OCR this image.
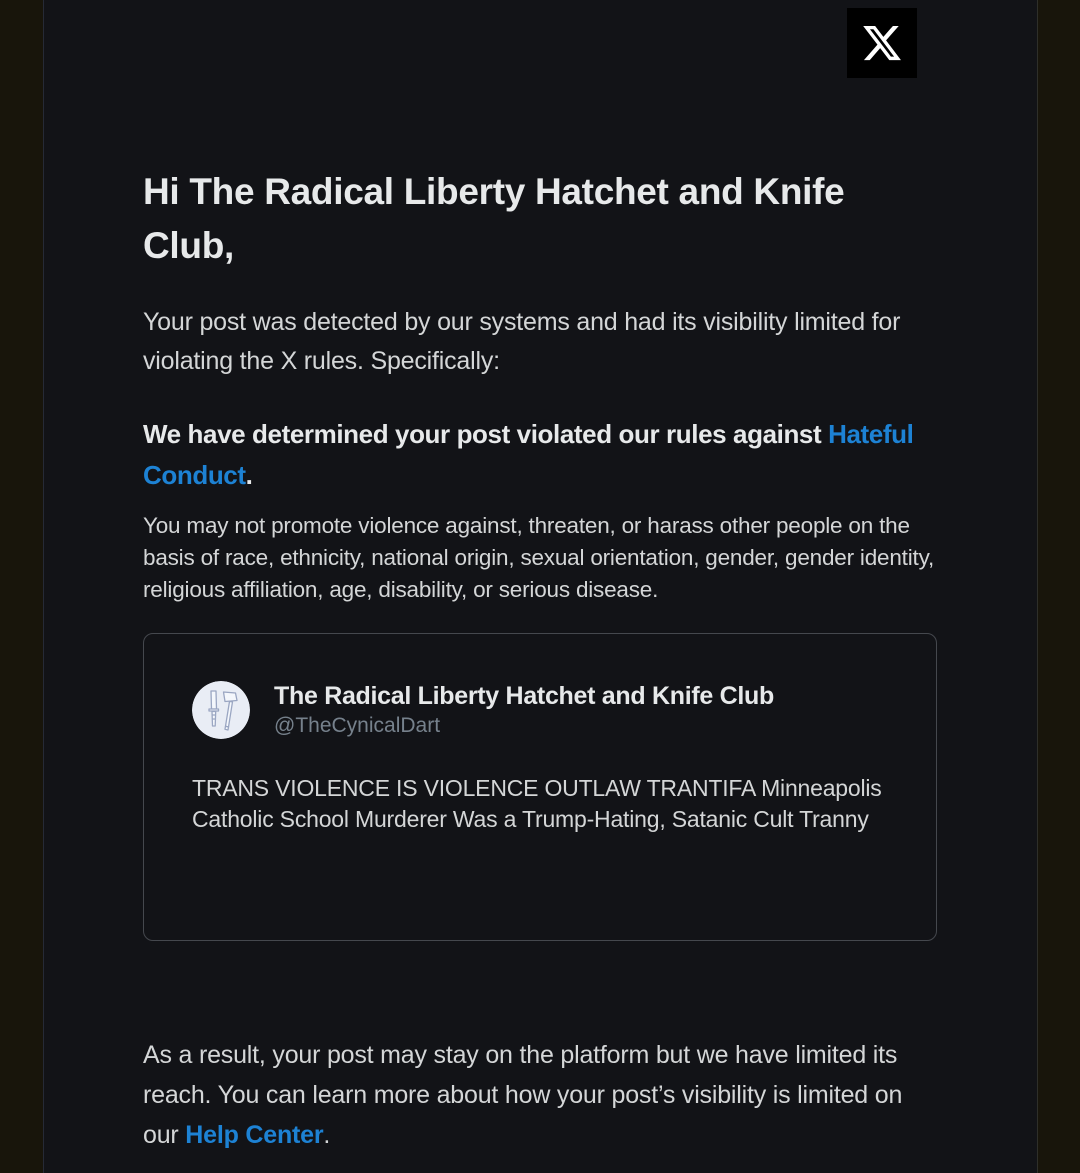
Hi The Radical Liberty Hatchet and Knife Club,

Your post was detected by our systems and had its visibility limited for violating the X rules. Specifically:

We have determined your post violated our rules against Hateful Conduct.

You may not promote violence against, threaten, or harass other people on the basis of race, ethnicity, national origin, sexual orientation, gender, gender identity, religious affiliation, age, disability, or serious disease.

The Radical Liberty Hatchet and Knife Club
@TheCynicalDart
TRANS VIOLENCE IS VIOLENCE OUTLAW TRANTIFA Minneapolis Catholic School Murderer Was a Trump-Hating, Satanic Cult Tranny

As a result, your post may stay on the platform but we have limited its reach. You can learn more about how your post’s visibility is limited on our Help Center.
